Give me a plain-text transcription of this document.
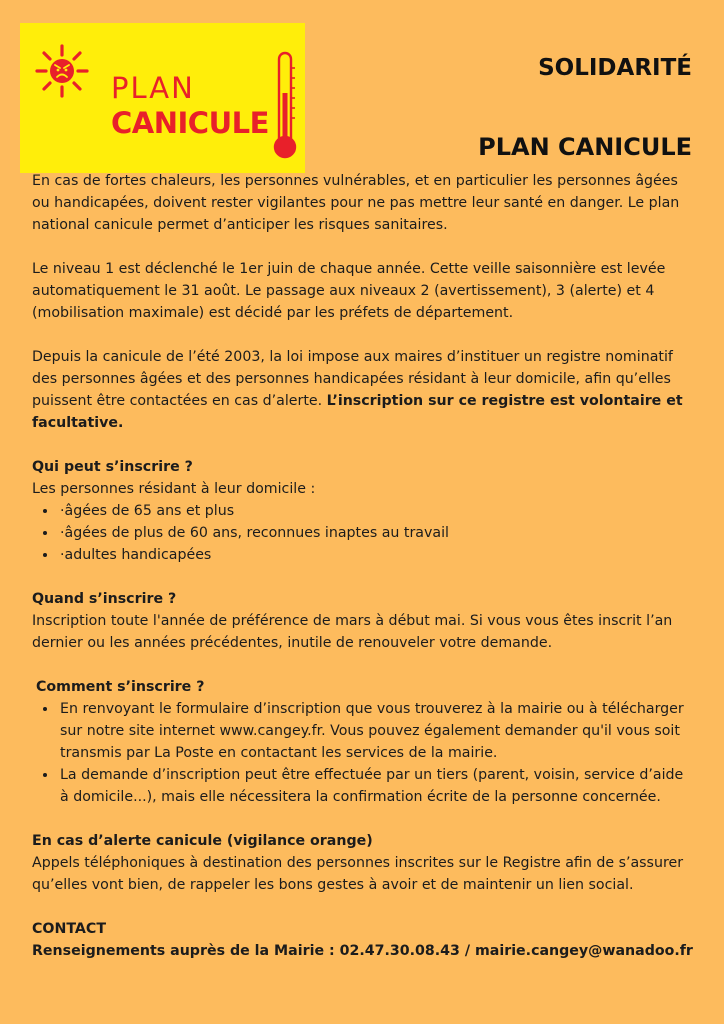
PLAN
CANICULE
SOLIDARITÉ
PLAN CANICULE

En cas de fortes chaleurs, les personnes vulnérables, et en particulier les personnes âgées ou handicapées, doivent rester vigilantes pour ne pas mettre leur santé en danger. Le plan national canicule permet d’anticiper les risques sanitaires.

Le niveau 1 est déclenché le 1er juin de chaque année. Cette veille saisonnière est levée automatiquement le 31 août. Le passage aux niveaux 2 (avertissement), 3 (alerte) et 4 (mobilisation maximale) est décidé par les préfets de département.

Depuis la canicule de l’été 2003, la loi impose aux maires d’instituer un registre nominatif des personnes âgées et des personnes handicapées résidant à leur domicile, afin qu’elles puissent être contactées en cas d’alerte. L’inscription sur ce registre est volontaire et facultative.

Qui peut s’inscrire ?

Les personnes résidant à leur domicile :

• ·âgées de 65 ans et plus
• ·âgées de plus de 60 ans, reconnues inaptes au travail
• ·adultes handicapées

Quand s’inscrire ?

Inscription toute l'année de préférence de mars à début mai. Si vous vous êtes inscrit l’an dernier ou les années précédentes, inutile de renouveler votre demande.

Comment s’inscrire ?

• En renvoyant le formulaire d’inscription que vous trouverez à la mairie ou à télécharger sur notre site internet www.cangey.fr. Vous pouvez également demander qu'il vous soit transmis par La Poste en contactant les services de la mairie.
• La demande d’inscription peut être effectuée par un tiers (parent, voisin, service d’aide à domicile...), mais elle nécessitera la confirmation écrite de la personne concernée.

En cas d’alerte canicule (vigilance orange)

Appels téléphoniques à destination des personnes inscrites sur le Registre afin de s’assurer qu’elles vont bien, de rappeler les bons gestes à avoir et de maintenir un lien social.

CONTACT

Renseignements auprès de la Mairie : 02.47.30.08.43 / mairie.cangey@wanadoo.fr
